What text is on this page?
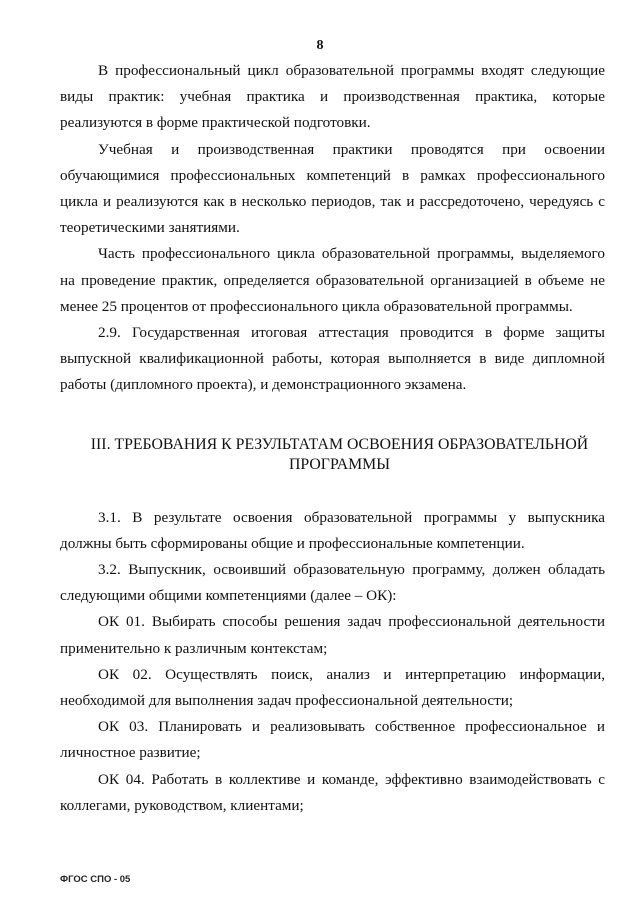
8

В профессиональный цикл образовательной программы входят следующие виды практик: учебная практика и производственная практика, которые реализуются в форме практической подготовки.

Учебная и производственная практики проводятся при освоении обучающимися профессиональных компетенций в рамках профессионального цикла и реализуются как в несколько периодов, так и рассредоточено, чередуясь с теоретическими занятиями.

Часть профессионального цикла образовательной программы, выделяемого на проведение практик, определяется образовательной организацией в объеме не менее 25 процентов от профессионального цикла образовательной программы.

2.9. Государственная итоговая аттестация проводится в форме защиты выпускной квалификационной работы, которая выполняется в виде дипломной работы (дипломного проекта), и демонстрационного экзамена.

III. ТРЕБОВАНИЯ К РЕЗУЛЬТАТАМ ОСВОЕНИЯ ОБРАЗОВАТЕЛЬНОЙ
ПРОГРАММЫ

3.1. В результате освоения образовательной программы у выпускника должны быть сформированы общие и профессиональные компетенции.

3.2. Выпускник, освоивший образовательную программу, должен обладать следующими общими компетенциями (далее – ОК):

ОК 01. Выбирать способы решения задач профессиональной деятельности применительно к различным контекстам;

ОК 02. Осуществлять поиск, анализ и интерпретацию информации, необходимой для выполнения задач профессиональной деятельности;

ОК 03. Планировать и реализовывать собственное профессиональное и личностное развитие;

ОК 04. Работать в коллективе и команде, эффективно взаимодействовать с коллегами, руководством, клиентами;

ФГОС СПО - 05
